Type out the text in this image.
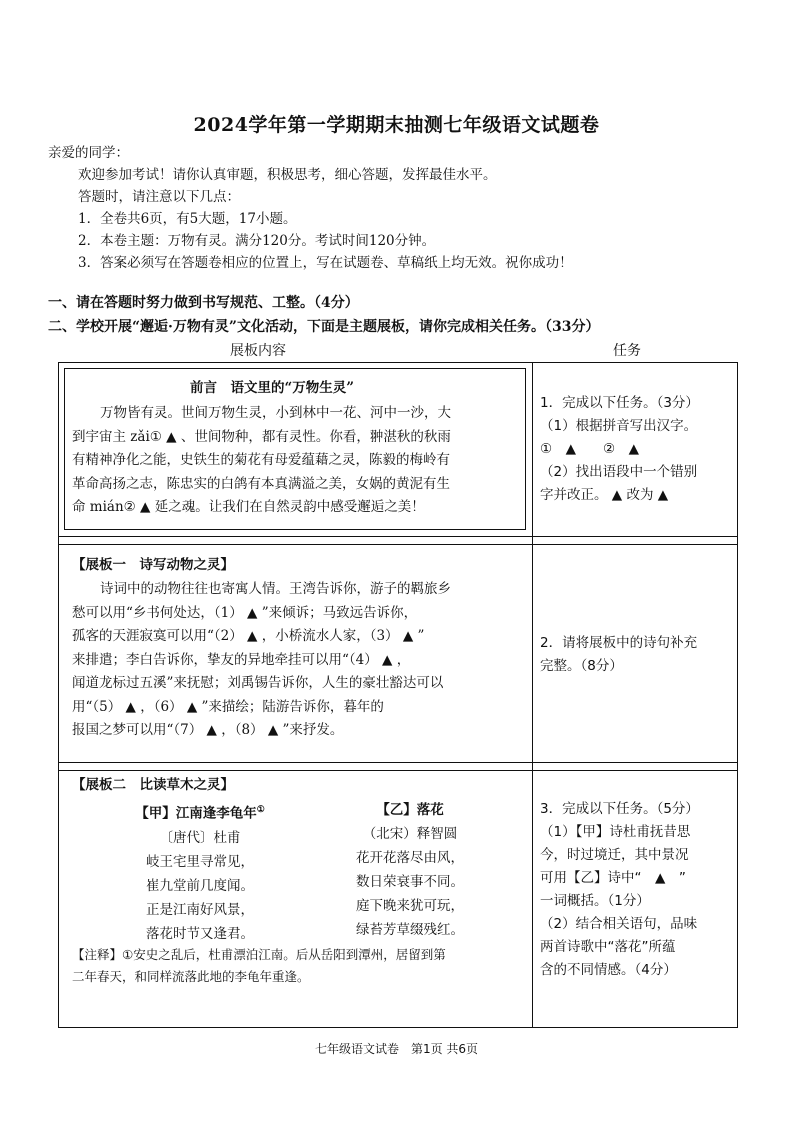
2024学年第一学期期末抽测七年级语文试题卷
亲爱的同学：
欢迎参加考试！请你认真审题，积极思考，细心答题，发挥最佳水平。
答题时，请注意以下几点：
1．全卷共6页，有5大题，17小题。
2．本卷主题：万物有灵。满分120分。考试时间120分钟。
3．答案必须写在答题卷相应的位置上，写在试题卷、草稿纸上均无效。祝你成功！
一、请在答题时努力做到书写规范、工整。（4分）
二、学校开展“邂逅·万物有灵”文化活动，下面是主题展板，请你完成相关任务。（33分）
展板内容	任务
前言　语文里的“万物生灵”

万物皆有灵。世间万物生灵，小到林中一花、河中一沙，大

到宇宙主 zǎi① ▲ 、世间物种，都有灵性。你看，翀湛秋的秋雨

有精神净化之能，史铁生的菊花有母爱蕴藉之灵，陈毅的梅岭有

革命高扬之志，陈忠实的白鸽有本真满溢之美，女娲的黄泥有生

命 mián② ▲ 延之魂。让我们在自然灵韵中感受邂逅之美！

1．完成以下任务。（3分）

（1）根据拼音写出汉字。

①　▲　　②　▲

（2）找出语段中一个错别

字并改正。 ▲ 改为 ▲

【展板一　诗写动物之灵】

诗词中的动物往往也寄寓人情。王湾告诉你，游子的羁旅乡

愁可以用“乡书何处达，（1） ▲ ”来倾诉；马致远告诉你，

孤客的天涯寂寞可以用“（2） ▲ ，小桥流水人家，（3） ▲ ”

来排遣；李白告诉你，挚友的异地牵挂可以用“（4） ▲ ，

闻道龙标过五溪”来抚慰；刘禹锡告诉你，人生的豪壮豁达可以

用“（5） ▲ ，（6） ▲ ”来描绘；陆游告诉你，暮年的

报国之梦可以用“（7） ▲ ，（8） ▲ ”来抒发。

2．请将展板中的诗句补充

完整。（8分）

【展板二　比读草木之灵】

【甲】江南逢李龟年①

〔唐代〕杜甫

岐王宅里寻常见，

崔九堂前几度闻。

正是江南好风景，

落花时节又逢君。

【乙】落花

（北宋）释智圆

花开花落尽由风，

数日荣衰事不同。

庭下晚来犹可玩，

绿苔芳草缀残红。

【注释】①安史之乱后，杜甫漂泊江南。后从岳阳到潭州，居留到第

二年春天，和同样流落此地的李龟年重逢。

3．完成以下任务。（5分）

（1）【甲】诗杜甫抚昔思

今，时过境迁，其中景况

可用【乙】诗中“　▲　”

一词概括。（1分）

（2）结合相关语句，品味

两首诗歌中“落花”所蕴

含的不同情感。（4分）

七年级语文试卷　第1页 共6页
